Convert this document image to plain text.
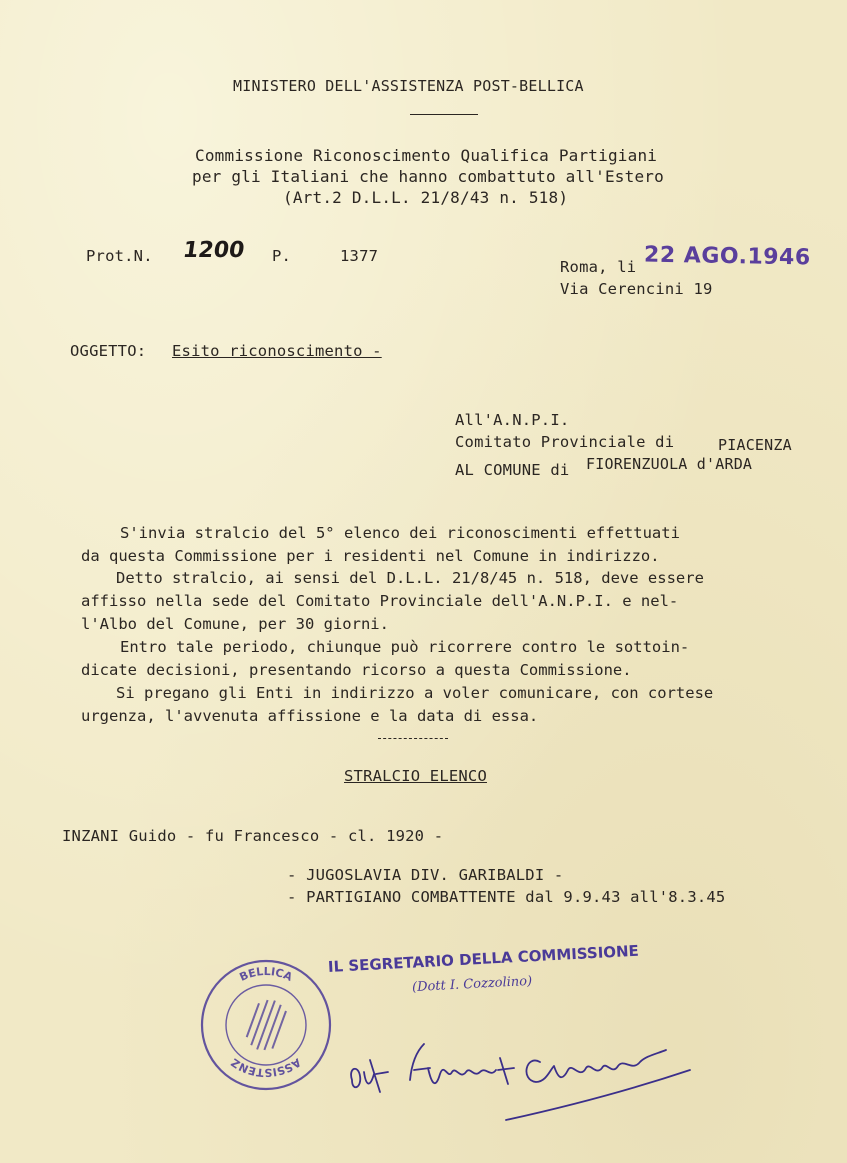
MINISTERO DELL'ASSISTENZA POST-BELLICA
Commissione Riconoscimento Qualifica Partigiani
per gli Italiani che hanno combattuto all'Estero
(Art.2 D.L.L. 21/8/43 n. 518)
Prot.N. 1200 P.	1377
Roma, li 22 AGO.1946
Via Cerencini 19
OGGETTO: Esito riconoscimento -
All'A.N.P.I.
Comitato Provinciale di	PIACENZA
AL COMUNE di FIORENZUOLA d'ARDA

S'invia stralcio del 5° elenco dei riconoscimenti effettuati

da questa Commissione per i residenti nel Comune in indirizzo.

Detto stralcio, ai sensi del D.L.L. 21/8/45 n. 518, deve essere

affisso nella sede del Comitato Provinciale dell'A.N.P.I. e nel-

l'Albo del Comune, per 30 giorni.

Entro tale periodo, chiunque può ricorrere contro le sottoin-

dicate decisioni, presentando ricorso a questa Commissione.

Si pregano gli Enti in indirizzo a voler comunicare, con cortese

urgenza, l'avvenuta affissione e la data di essa.

STRALCIO ELENCO
INZANI Guido - fu Francesco - cl. 1920 -
- JUGOSLAVIA DIV. GARIBALDI -
- PARTIGIANO COMBATTENTE dal 9.9.43 all'8.3.45
IL SEGRETARIO DELLA COMMISSIONE
(Dott I. Cozzolino)
BELLICA
ASSISTENZ
